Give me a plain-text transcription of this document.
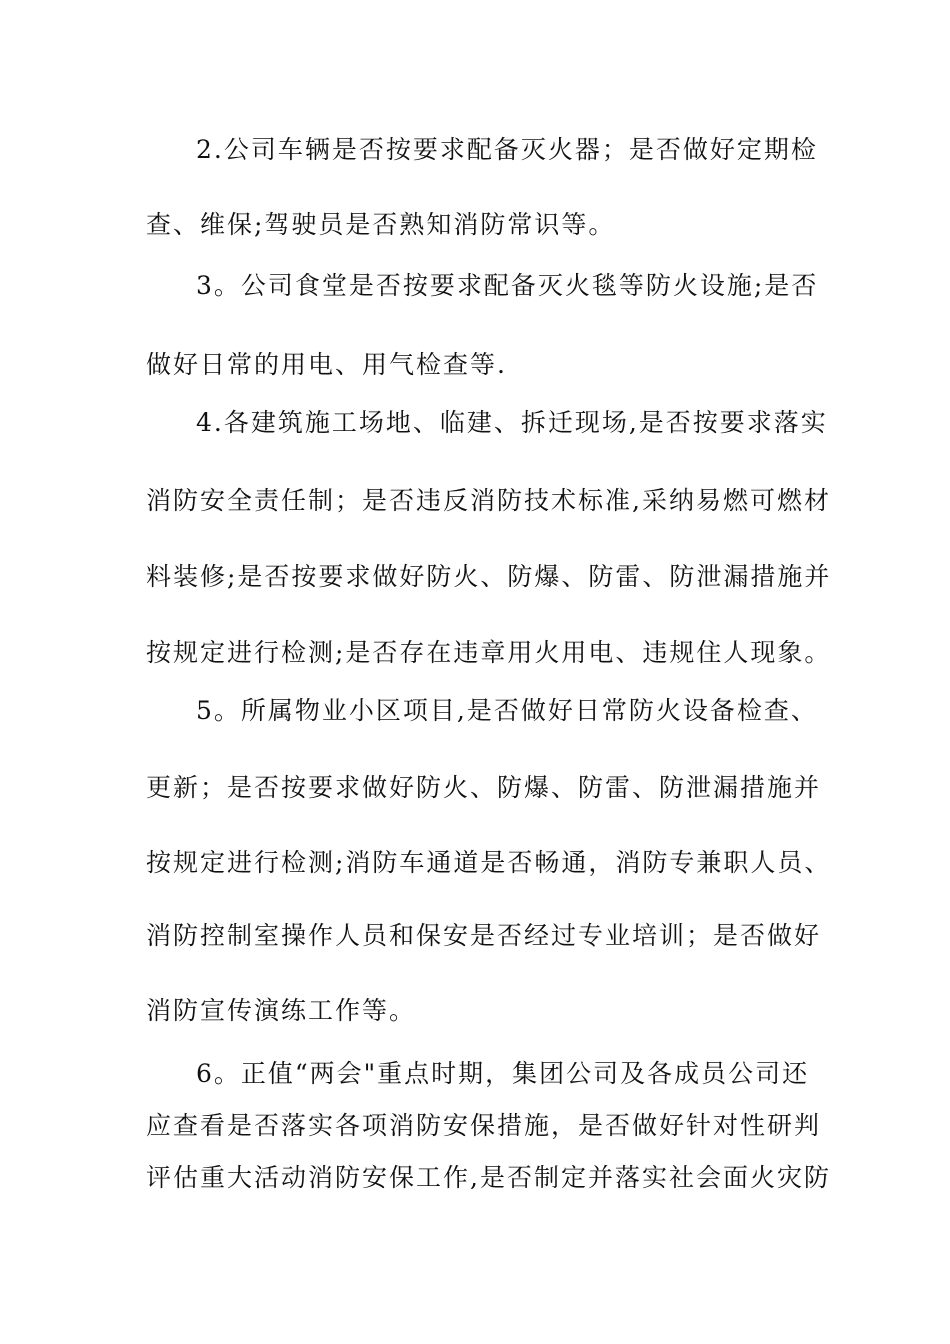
2.公司车辆是否按要求配备灭火器；是否做好定期检
查、维保;驾驶员是否熟知消防常识等。
3。公司食堂是否按要求配备灭火毯等防火设施;是否
做好日常的用电、用气检查等.
4.各建筑施工场地、临建、拆迁现场,是否按要求落实
消防安全责任制；是否违反消防技术标准,采纳易燃可燃材
料装修;是否按要求做好防火、防爆、防雷、防泄漏措施并
按规定进行检测;是否存在违章用火用电、违规住人现象。
5。所属物业小区项目,是否做好日常防火设备检查、
更新；是否按要求做好防火、防爆、防雷、防泄漏措施并
按规定进行检测;消防车通道是否畅通，消防专兼职人员、
消防控制室操作人员和保安是否经过专业培训；是否做好
消防宣传演练工作等。
6。正值“两会"重点时期，集团公司及各成员公司还
应查看是否落实各项消防安保措施，是否做好针对性研判
评估重大活动消防安保工作,是否制定并落实社会面火灾防
